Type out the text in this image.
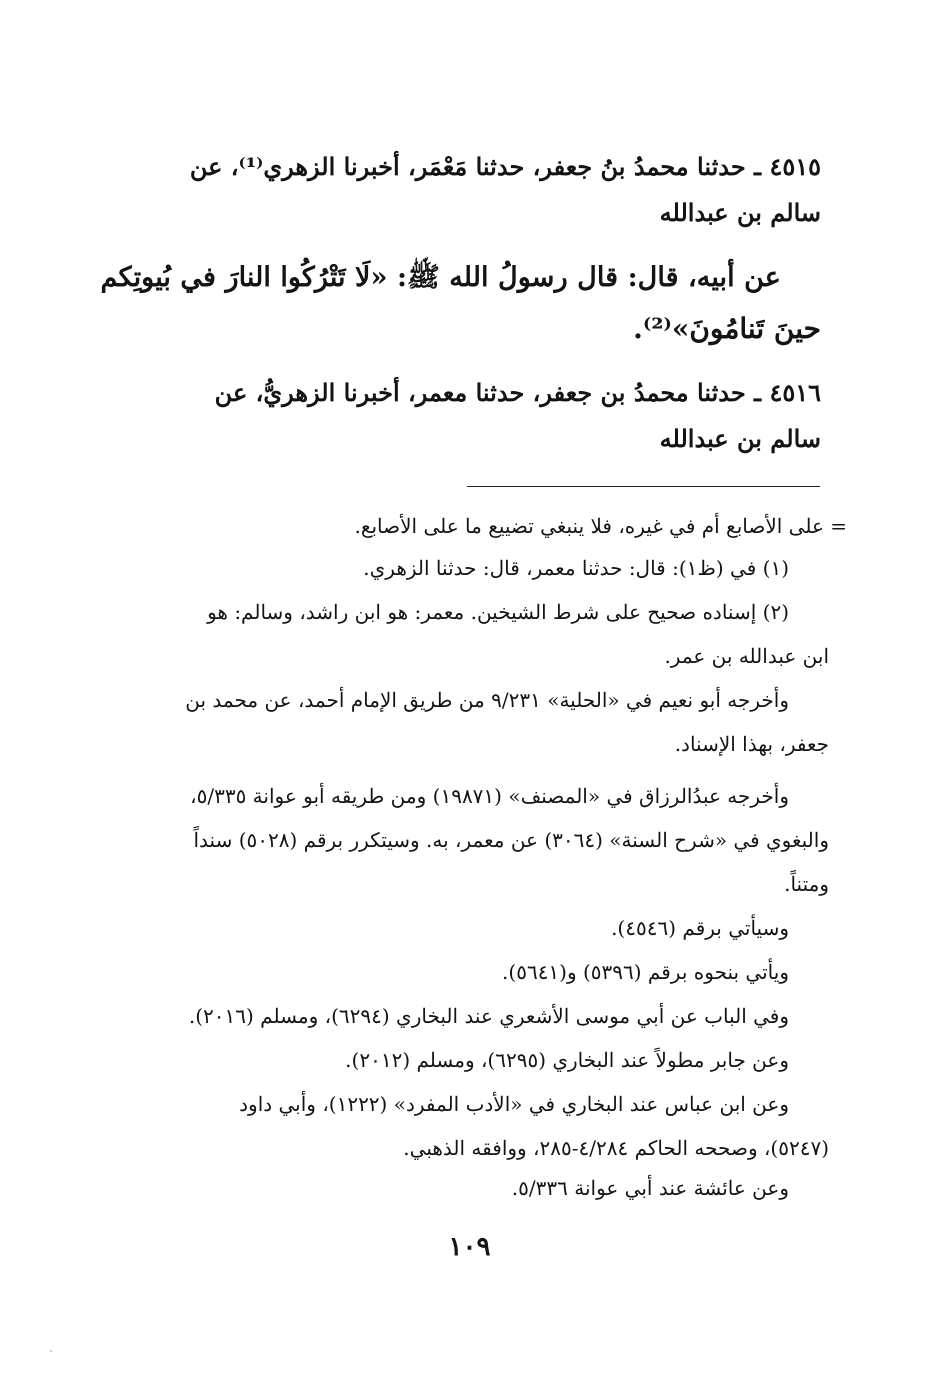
٤٥١٥ ـ حدثنا محمدُ بنُ جعفر، حدثنا مَعْمَر، أخبرنا الزهري⁽¹⁾، عن
سالم بن عبدالله
عن أبيه، قال: قال رسولُ الله ﷺ: «لَا تَتْرُكُوا النارَ في بُيوتِكم
حينَ تَنامُونَ»⁽²⁾.
٤٥١٦ ـ حدثنا محمدُ بن جعفر، حدثنا معمر، أخبرنا الزهريُّ، عن
سالم بن عبدالله
= على الأصابع أم في غيره، فلا ينبغي تضييع ما على الأصابع.
(١) في (ظ١): قال: حدثنا معمر، قال: حدثنا الزهري.
(٢) إسناده صحيح على شرط الشيخين. معمر: هو ابن راشد، وسالم: هو
ابن عبدالله بن عمر.
وأخرجه أبو نعيم في «الحلية» ٩/٢٣١ من طريق الإمام أحمد، عن محمد بن
جعفر، بهذا الإسناد.
وأخرجه عبدُالرزاق في «المصنف» (١٩٨٧١) ومن طريقه أبو عوانة ٥/٣٣٥،
والبغوي في «شرح السنة» (٣٠٦٤) عن معمر، به. وسيتكرر برقم (٥٠٢٨) سنداً
ومتناً.
وسيأتي برقم (٤٥٤٦).
ويأتي بنحوه برقم (٥٣٩٦) و(٥٦٤١).
وفي الباب عن أبي موسى الأشعري عند البخاري (٦٢٩٤)، ومسلم (٢٠١٦).
وعن جابر مطولاً عند البخاري (٦٢٩٥)، ومسلم (٢٠١٢).
وعن ابن عباس عند البخاري في «الأدب المفرد» (١٢٢٢)، وأبي داود
(٥٢٤٧)، وصححه الحاكم ٤/٢٨٤-٢٨٥، ووافقه الذهبي.
وعن عائشة عند أبي عوانة ٥/٣٣٦.
١٠٩
